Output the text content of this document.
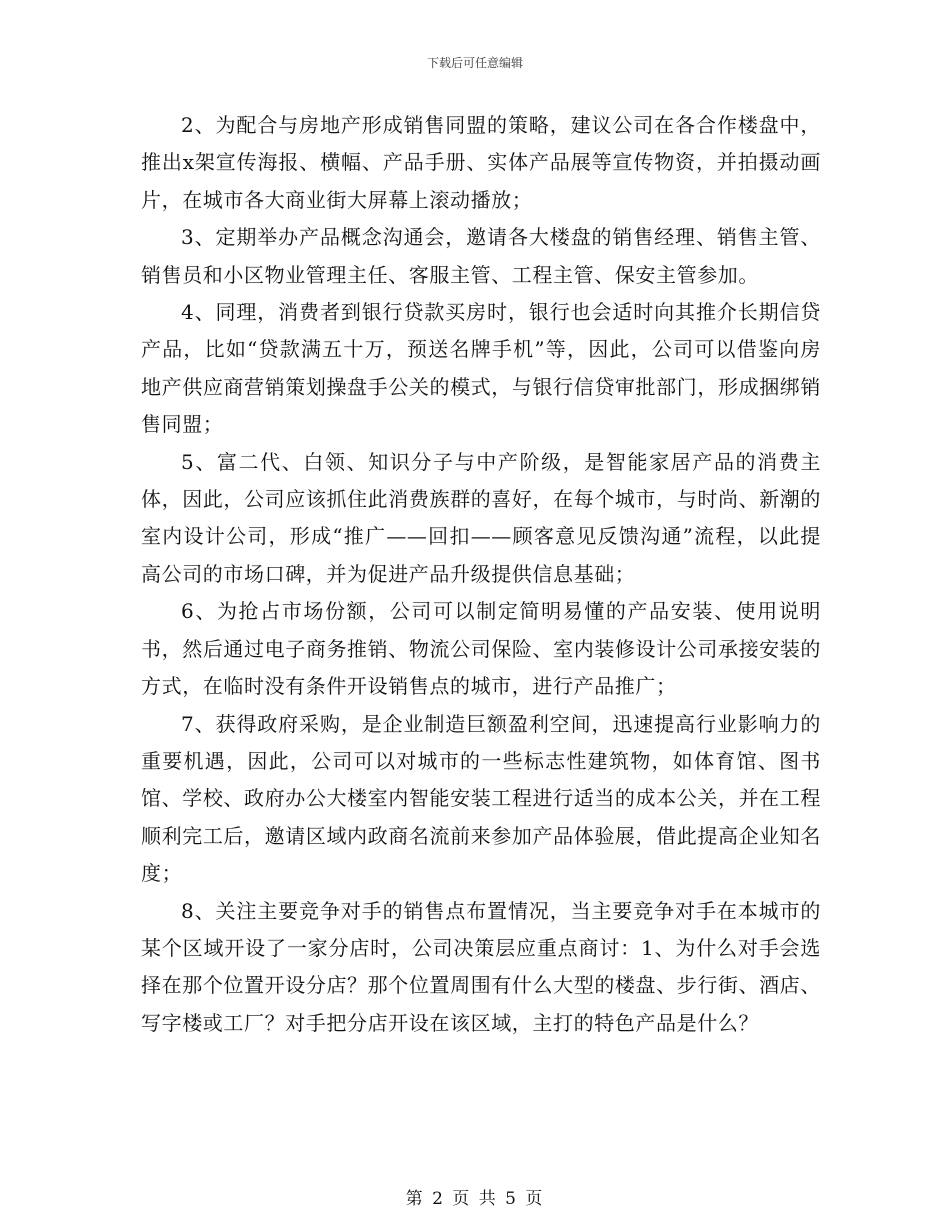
下载后可任意编辑

2、为配合与房地产形成销售同盟的策略，建议公司在各合作楼盘中，推出x架宣传海报、横幅、产品手册、实体产品展等宣传物资，并拍摄动画片，在城市各大商业街大屏幕上滚动播放；

3、定期举办产品概念沟通会，邀请各大楼盘的销售经理、销售主管、销售员和小区物业管理主任、客服主管、工程主管、保安主管参加。

4、同理，消费者到银行贷款买房时，银行也会适时向其推介长期信贷产品，比如“贷款满五十万，预送名牌手机”等，因此，公司可以借鉴向房地产供应商营销策划操盘手公关的模式，与银行信贷审批部门，形成捆绑销售同盟；

5、富二代、白领、知识分子与中产阶级，是智能家居产品的消费主体，因此，公司应该抓住此消费族群的喜好，在每个城市，与时尚、新潮的室内设计公司，形成“推广——回扣——顾客意见反馈沟通”流程，以此提高公司的市场口碑，并为促进产品升级提供信息基础；

6、为抢占市场份额，公司可以制定简明易懂的产品安装、使用说明书，然后通过电子商务推销、物流公司保险、室内装修设计公司承接安装的方式，在临时没有条件开设销售点的城市，进行产品推广；

7、获得政府采购，是企业制造巨额盈利空间，迅速提高行业影响力的重要机遇，因此，公司可以对城市的一些标志性建筑物，如体育馆、图书馆、学校、政府办公大楼室内智能安装工程进行适当的成本公关，并在工程顺利完工后，邀请区域内政商名流前来参加产品体验展，借此提高企业知名度；

8、关注主要竞争对手的销售点布置情况，当主要竞争对手在本城市的某个区域开设了一家分店时，公司决策层应重点商讨：1、为什么对手会选择在那个位置开设分店？那个位置周围有什么大型的楼盘、步行街、酒店、写字楼或工厂？对手把分店开设在该区域，主打的特色产品是什么？

第 2 页 共 5 页
